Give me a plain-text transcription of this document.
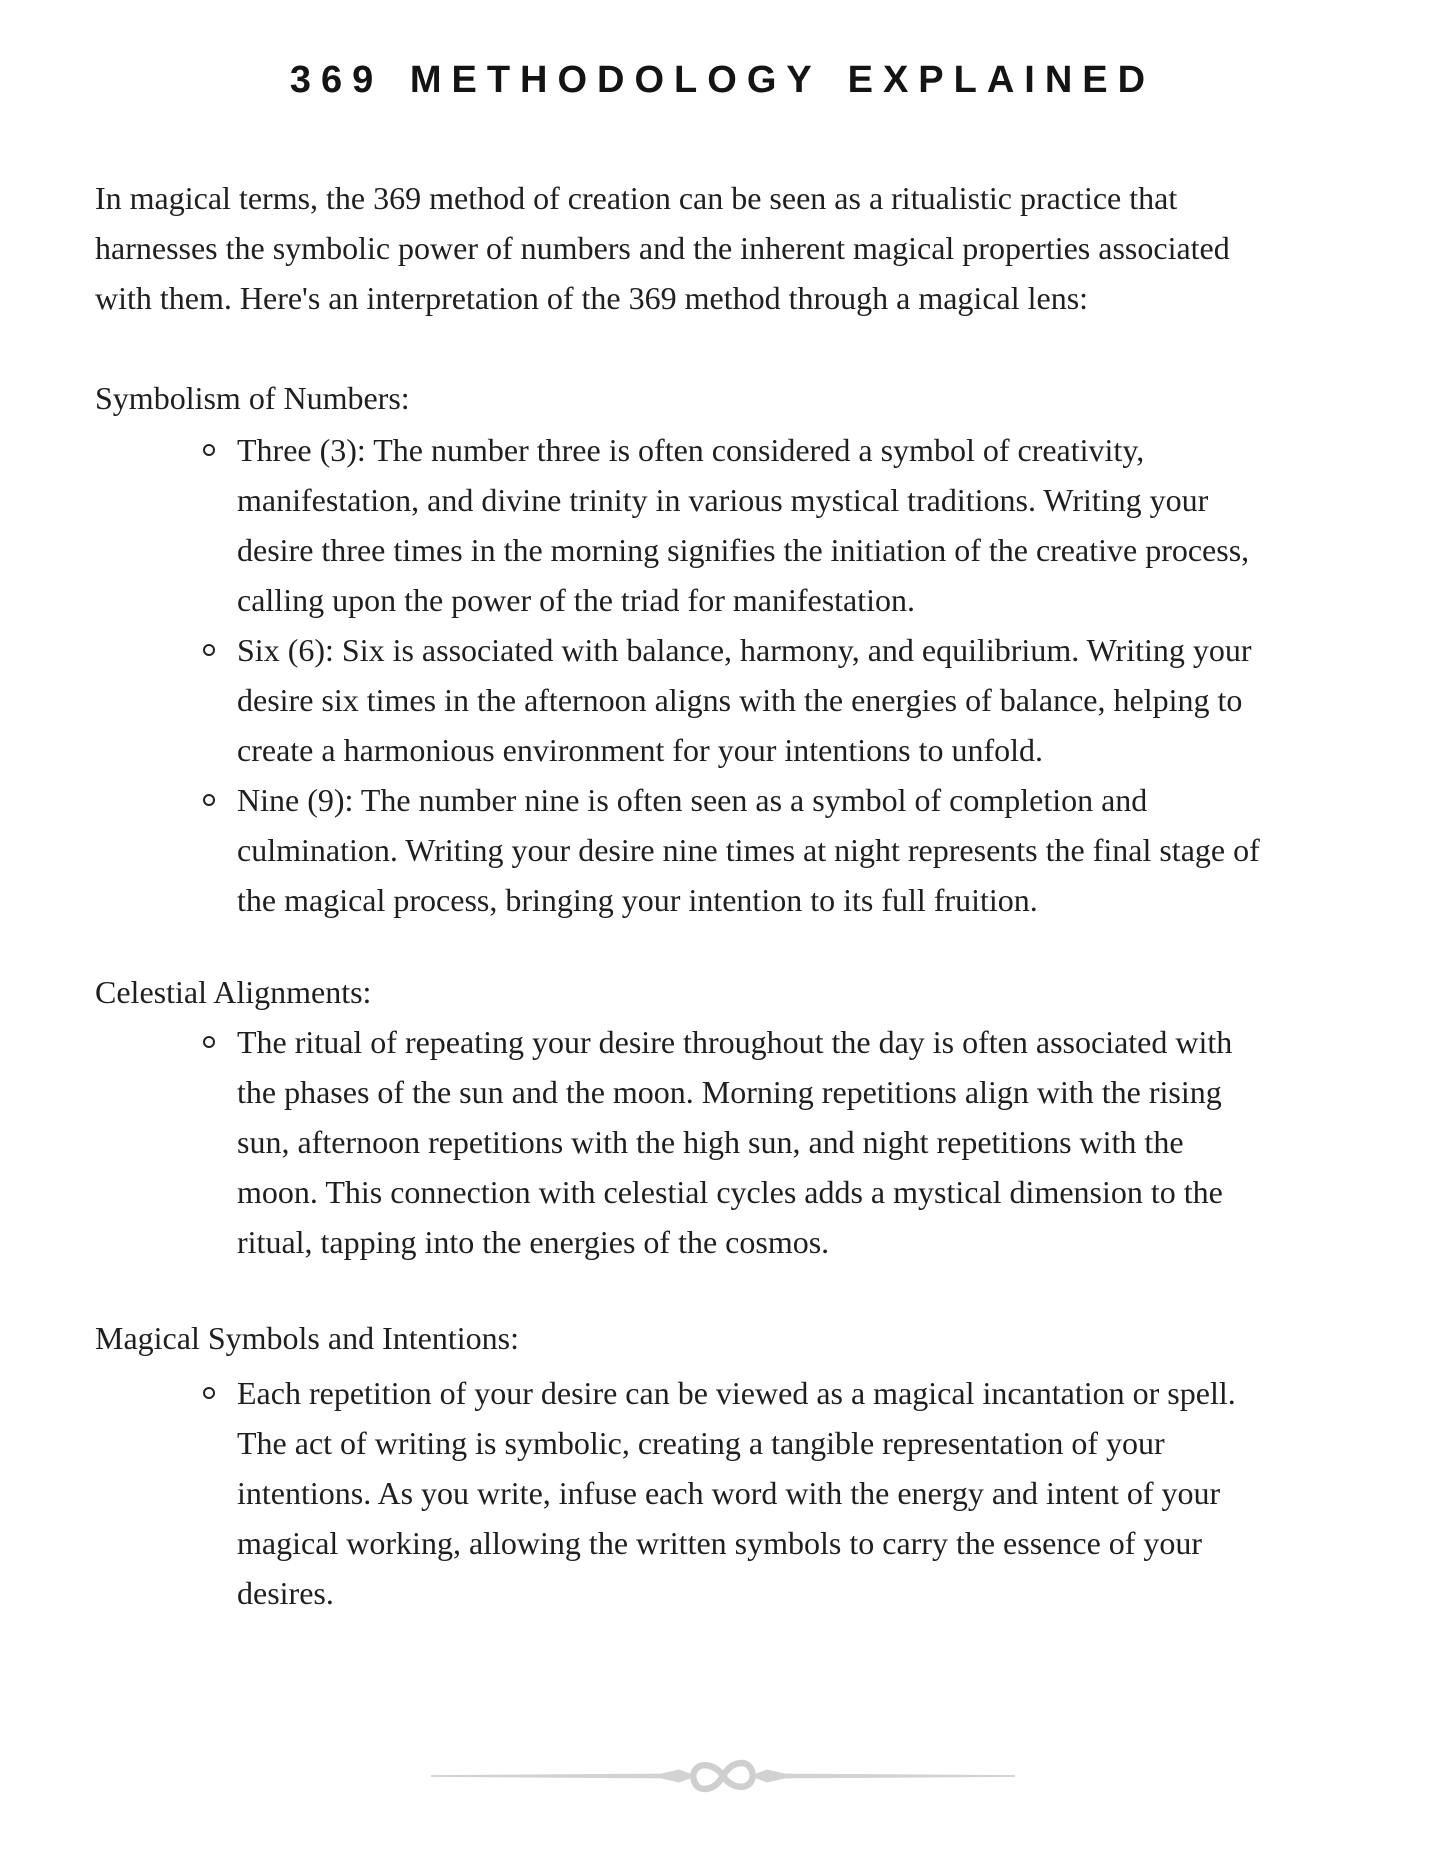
369 METHODOLOGY EXPLAINED
In magical terms, the 369 method of creation can be seen as a ritualistic practice that
harnesses the symbolic power of numbers and the inherent magical properties associated
with them. Here's an interpretation of the 369 method through a magical lens:
Symbolism of Numbers:
Three (3): The number three is often considered a symbol of creativity,
manifestation, and divine trinity in various mystical traditions. Writing your
desire three times in the morning signifies the initiation of the creative process,
calling upon the power of the triad for manifestation.
Six (6): Six is associated with balance, harmony, and equilibrium. Writing your
desire six times in the afternoon aligns with the energies of balance, helping to
create a harmonious environment for your intentions to unfold.
Nine (9): The number nine is often seen as a symbol of completion and
culmination. Writing your desire nine times at night represents the final stage of
the magical process, bringing your intention to its full fruition.
Celestial Alignments:
The ritual of repeating your desire throughout the day is often associated with
the phases of the sun and the moon. Morning repetitions align with the rising
sun, afternoon repetitions with the high sun, and night repetitions with the
moon. This connection with celestial cycles adds a mystical dimension to the
ritual, tapping into the energies of the cosmos.
Magical Symbols and Intentions:
Each repetition of your desire can be viewed as a magical incantation or spell.
The act of writing is symbolic, creating a tangible representation of your
intentions. As you write, infuse each word with the energy and intent of your
magical working, allowing the written symbols to carry the essence of your
desires.
